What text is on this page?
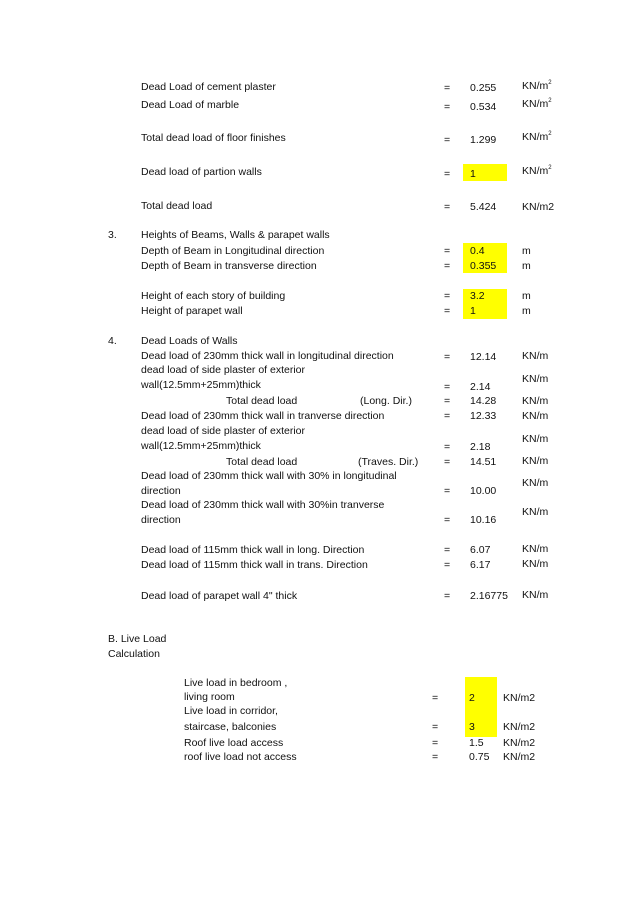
Dead Load of cement plaster	= 0.255 $KN/m^2$
Dead Load of marble	= 0.534 $KN/m^2$
Total dead load of floor finishes	= 1.299 $KN/m^2$
Dead load of partion walls	= 1	$KN/m^2$
Total dead load	= 5.424 KN/m2
3. Heights of Beams, Walls & parapet walls
Depth of Beam in Longitudinal direction	= 0.4	m
Depth of Beam in transverse direction	= 0.355 m
Height of each story of building	= 3.2	m
Height of parapet wall	= 1	m
4. Dead Loads of Walls
Dead load of 230mm thick wall in longitudinal direction	= 12.14 KN/m
dead load of side plaster of exterior
wall(12.5mm+25mm)thick	= 2.14
KN/m
Total dead load	(Long. Dir.)	= 14.28 KN/m
Dead load of 230mm thick wall in tranverse direction	= 12.33 KN/m
dead load of side plaster of exterior
wall(12.5mm+25mm)thick	= 2.18
KN/m
Total dead load	(Traves. Dir.) = 14.51 KN/m
Dead load of 230mm thick wall with 30% in longitudinal
direction	= 10.00
KN/m
Dead load of 230mm thick wall with 30%in tranverse
direction	= 10.16
KN/m
Dead load of 115mm thick wall in long. Direction	= 6.07	KN/m
Dead load of 115mm thick wall in trans. Direction	= 6.17	KN/m
Dead load of parapet wall 4" thick	= 2.16775 KN/m
B. Live Load
Calculation
Live load in bedroom ,
living room	=	2	KN/m2
Live load in corridor,
staircase, balconies	=	3	KN/m2
Roof live load access	=	1.5 KN/m2
roof live load not access	=	0.75 KN/m2
